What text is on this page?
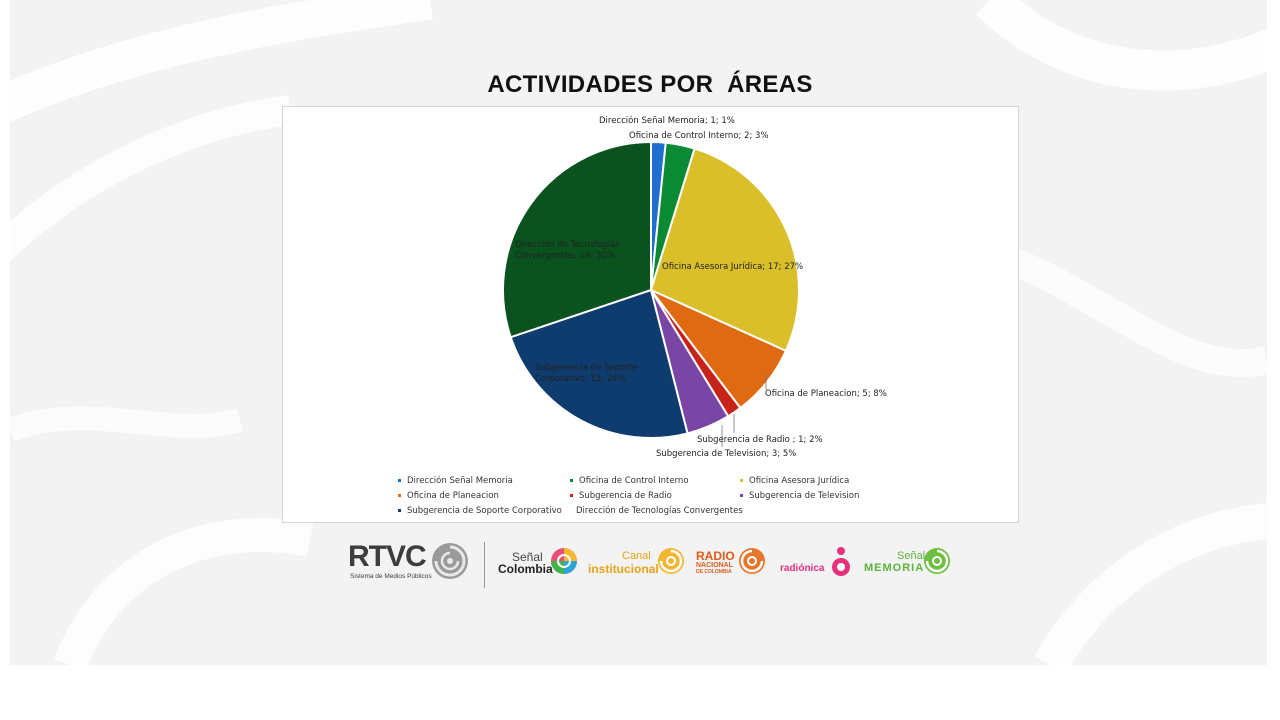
ACTIVIDADES POR  ÁREAS
Dirección Señal Memoria; 1; 1%
Oficina de Control Interno; 2; 3%
Oficina Asesora Jurídica; 17; 27%
Oficina de Planeacion; 5; 8%
Subgerencia de Radio ; 1; 2%
Subgerencia de Television; 3; 5%
Subgerencia de Soporte Corporativo; 15; 24%
Dirección de Tecnologías Convergentes; 19; 30%
Dirección Señal Memoria	Oficina de Control Interno	Oficina Asesora Jurídica
Oficina de Planeacion	Subgerencia de Radio	Subgerencia de Television
Subgerencia de Soporte Corporativo Dirección de Tecnologías Convergentes
RTVC
Sistema de Medios Públicos
Señal
Colombia
Canal
institucional
RADIO
NACIONAL
DE COLOMBIA	radiónica
Señal
MEMORIA
